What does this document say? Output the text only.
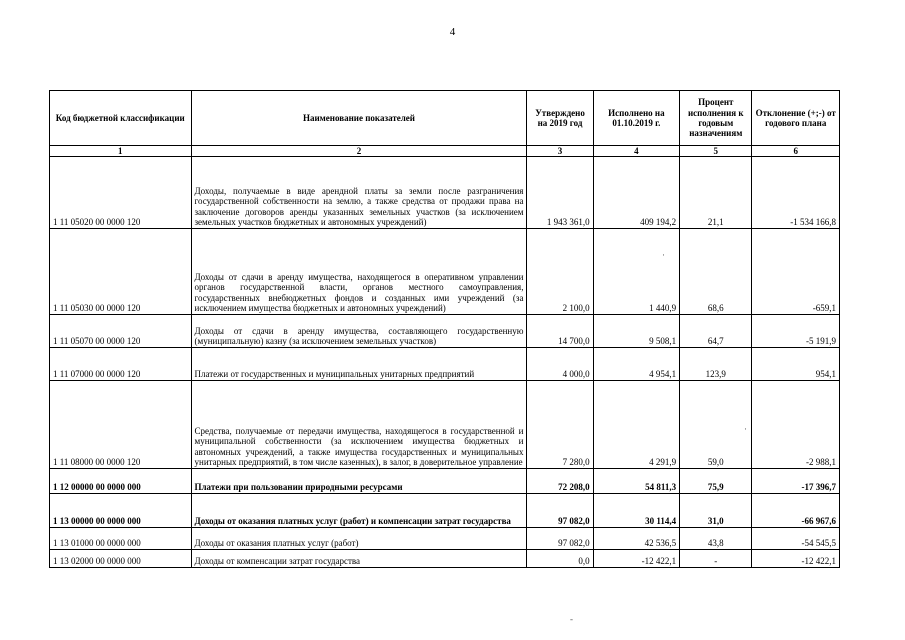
4
Код бюджетной классификации	Наименование показателей	Утверждено на 2019 год	Исполнено на 01.10.2019 г.	Процент исполнения к годовым назначениям	Отклонение (+;-) от годового плана
1	2	3	4	5	6
1 11 05020 00 0000 120	Доходы, получаемые в виде арендной платы за земли после разграничения государственной собственности на землю, а также средства от продажи права на заключение договоров аренды указанных земельных участков (за исключением земельных участков бюджетных и автономных учреждений)	1 943 361,0	409 194,2	21,1	-1 534 166,8
1 11 05030 00 0000 120	Доходы от сдачи в аренду имущества, находящегося в оперативном управлении органов государственной власти, органов местного самоуправления, государственных внебюджетных фондов и созданных ими учреждений (за исключением имущества бюджетных и автономных учреждений)	2 100,0	1 440,9	68,6	-659,1
1 11 05070 00 0000 120	Доходы от сдачи в аренду имущества, составляющего государственную (муниципальную) казну (за исключением земельных участков)	14 700,0	9 508,1	64,7	-5 191,9
1 11 07000 00 0000 120	Платежи от государственных и муниципальных унитарных предприятий	4 000,0	4 954,1	123,9	954,1
1 11 08000 00 0000 120	Средства, получаемые от передачи имущества, находящегося в государственной и муниципальной собственности (за исключением имущества бюджетных и автономных учреждений, а также имущества государственных и муниципальных унитарных предприятий, в том числе казенных), в залог, в доверительное управление	7 280,0	4 291,9	59,0	-2 988,1
1 12 00000 00 0000 000	Платежи при пользовании природными ресурсами	72 208,0	54 811,3	75,9	-17 396,7
1 13 00000 00 0000 000	Доходы от оказания платных услуг (работ) и компенсации затрат государства	97 082,0	30 114,4	31,0	-66 967,6
1 13 01000 00 0000 000	Доходы от оказания платных услуг (работ)	97 082,0	42 536,5	43,8	-54 545,5
1 13 02000 00 0000 000	Доходы от компенсации затрат государства	0,0	-12 422,1	-	-12 422,1
·
·
-
